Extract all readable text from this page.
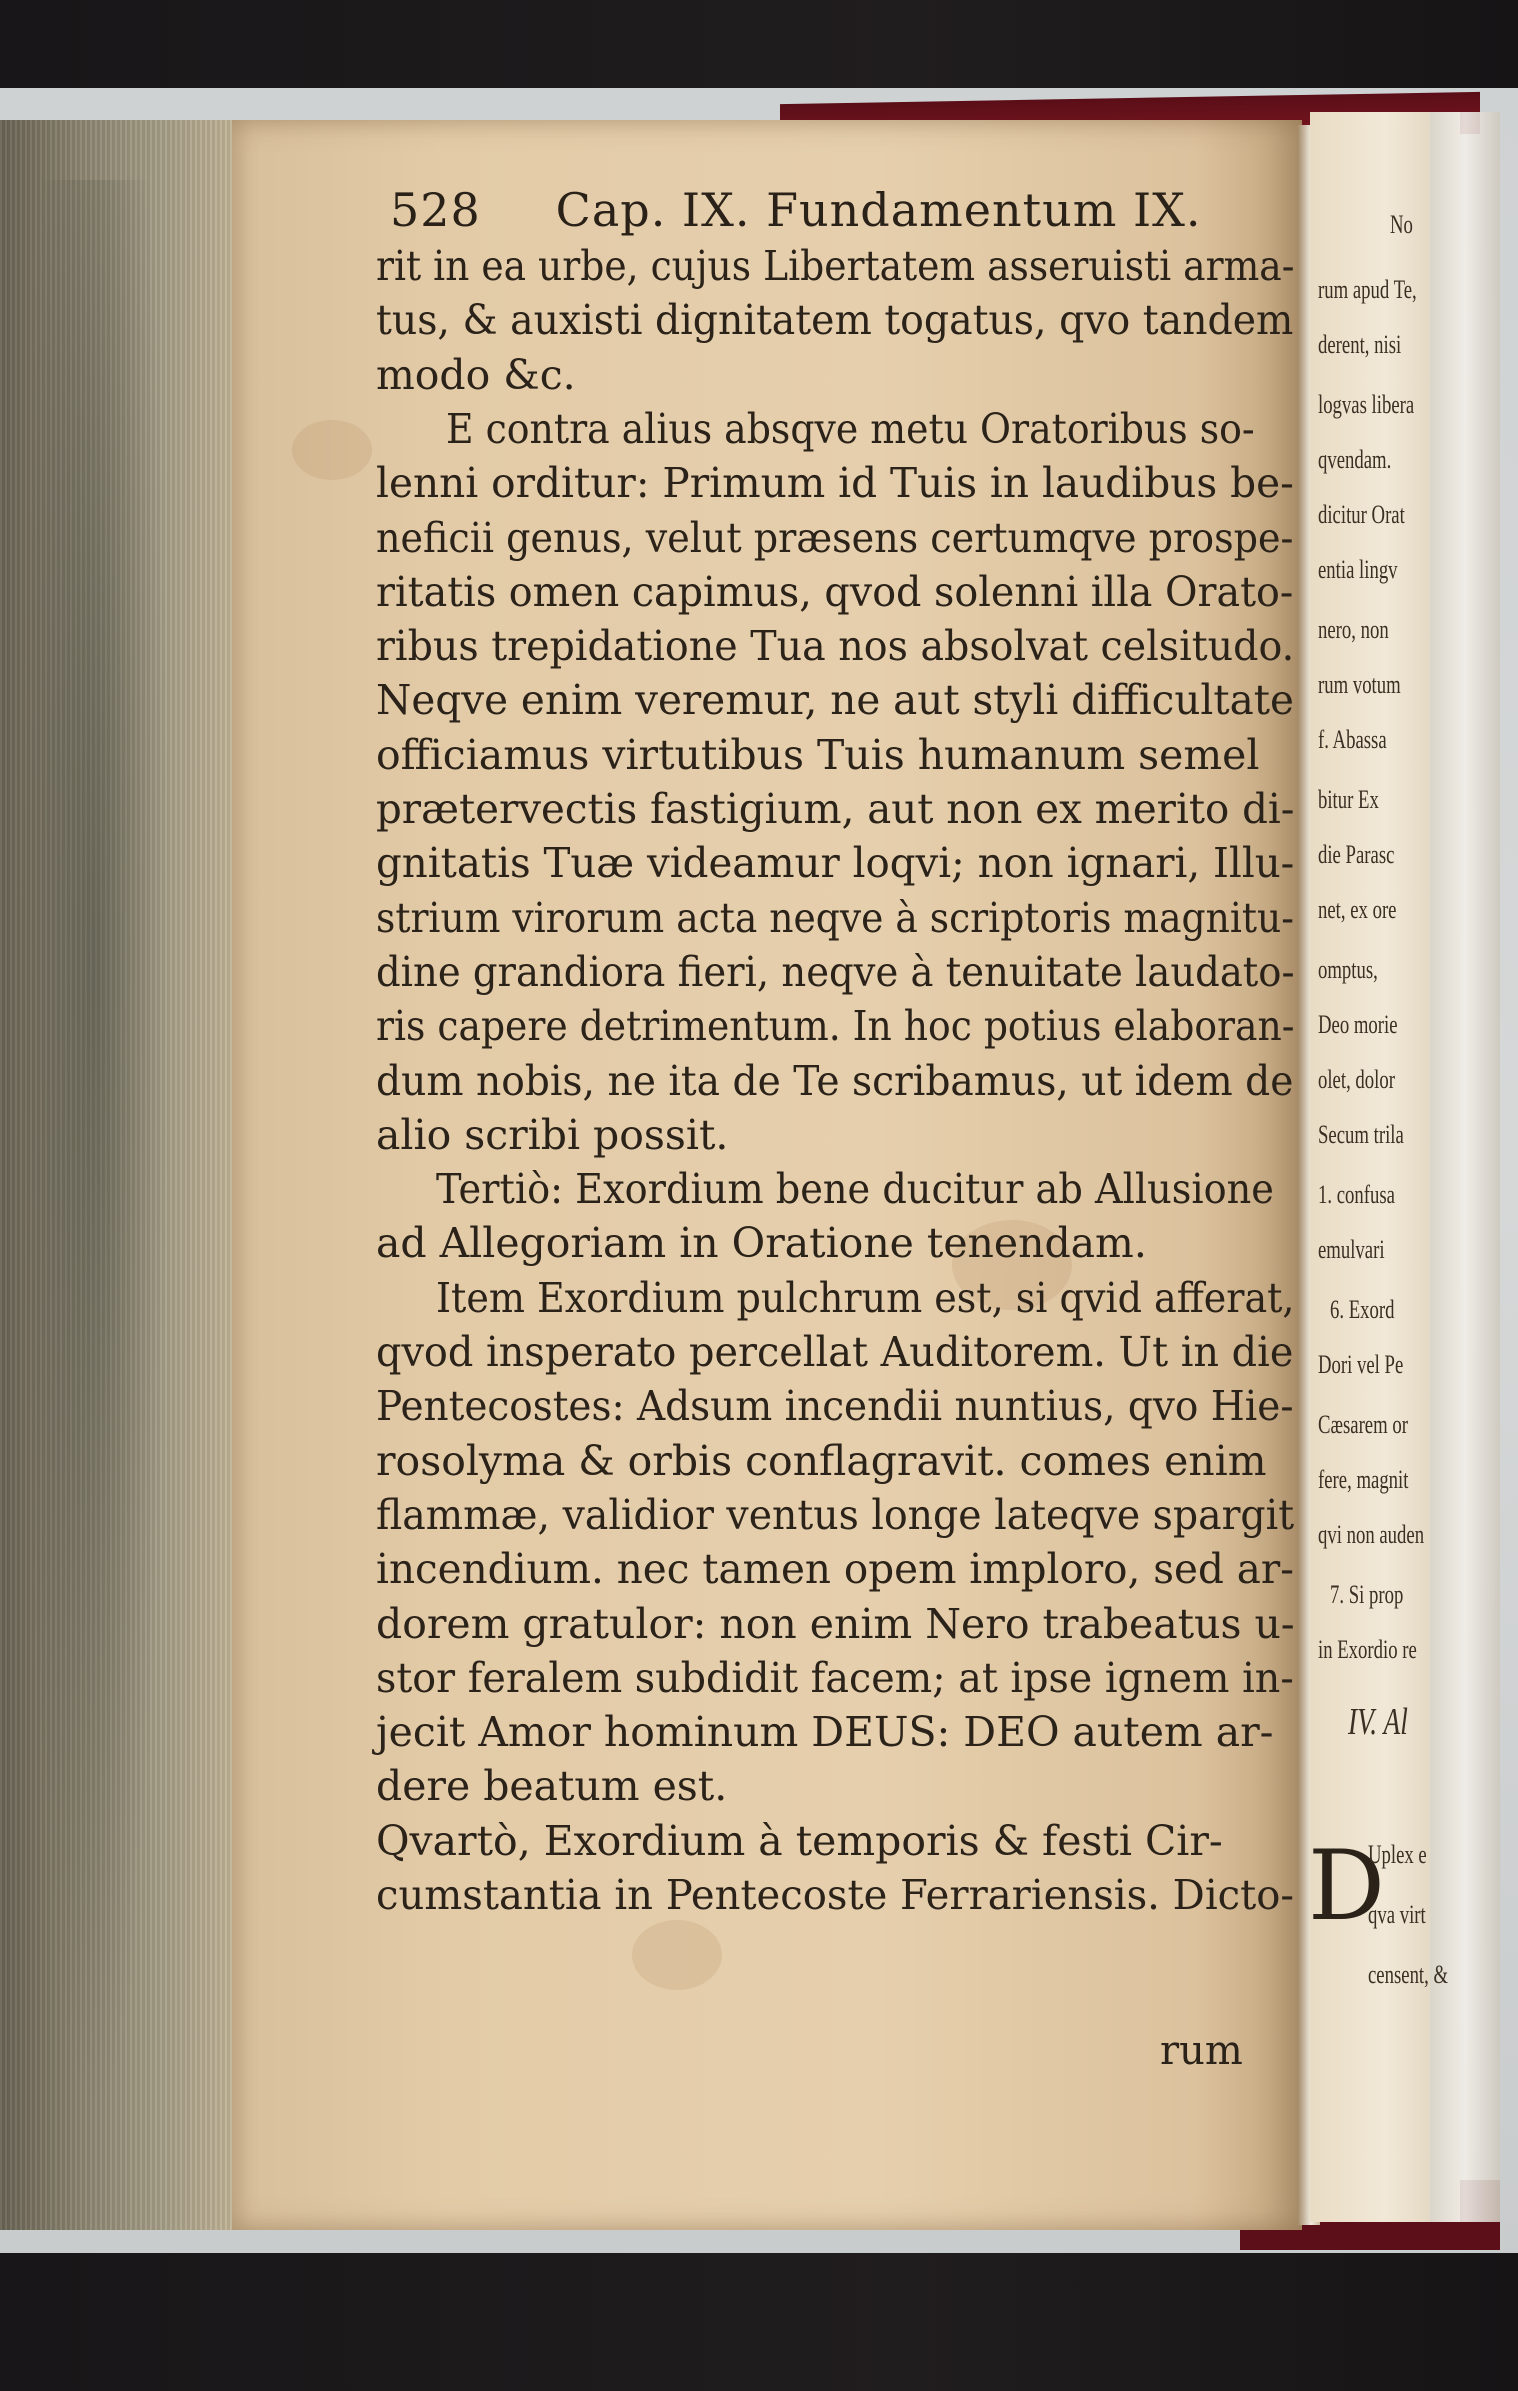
528 Cap. IX. Fundamentum IX.
rum
D
rit in ea urbe, cujus Libertatem asseruisti arma-
tus, & auxisti dignitatem togatus, qvo tandem
modo &c.
E contra alius absqve metu Oratoribus so-
lenni orditur: Primum id Tuis in laudibus be-
neficii genus, velut præsens certumqve prospe-
ritatis omen capimus, qvod solenni illa Orato-
ribus trepidatione Tua nos absolvat celsitudo.
Neqve enim veremur, ne aut styli difficultate
officiamus virtutibus Tuis humanum semel
prætervectis fastigium, aut non ex merito di-
gnitatis Tuæ videamur loqvi; non ignari, Illu-
strium virorum acta neqve à scriptoris magnitu-
dine grandiora fieri, neqve à tenuitate laudato-
ris capere detrimentum. In hoc potius elaboran-
dum nobis, ne ita de Te scribamus, ut idem de
alio scribi possit.
Tertiò: Exordium bene ducitur ab Allusione
ad Allegoriam in Oratione tenendam.
Item Exordium pulchrum est, si qvid afferat,
qvod insperato percellat Auditorem. Ut in die
Pentecostes: Adsum incendii nuntius, qvo Hie-
rosolyma & orbis conflagravit. comes enim
flammæ, validior ventus longe lateqve spargit
incendium. nec tamen opem imploro, sed ar-
dorem gratulor: non enim Nero trabeatus u-
stor feralem subdidit facem; at ipse ignem in-
jecit Amor hominum DEUS: DEO autem ar-
dere beatum est.
Qvartò, Exordium à temporis & festi Cir-
cumstantia in Pentecoste Ferrariensis. Dicto-
No
rum apud Te,
derent, nisi
logvas libera
qvendam.
dicitur Orat
entia lingv
nero, non
rum votum
f. Abassa
bitur Ex
die Parasc
net, ex ore
omptus,
Deo morie
olet, dolor
Secum trila
1. confusa
emulvari
6. Exord
Dori vel Pe
Cæsarem or
fere, magnit
qvi non auden
7. Si prop
in Exordio re
IV. Al
Uplex e
qva virt
censent, &
